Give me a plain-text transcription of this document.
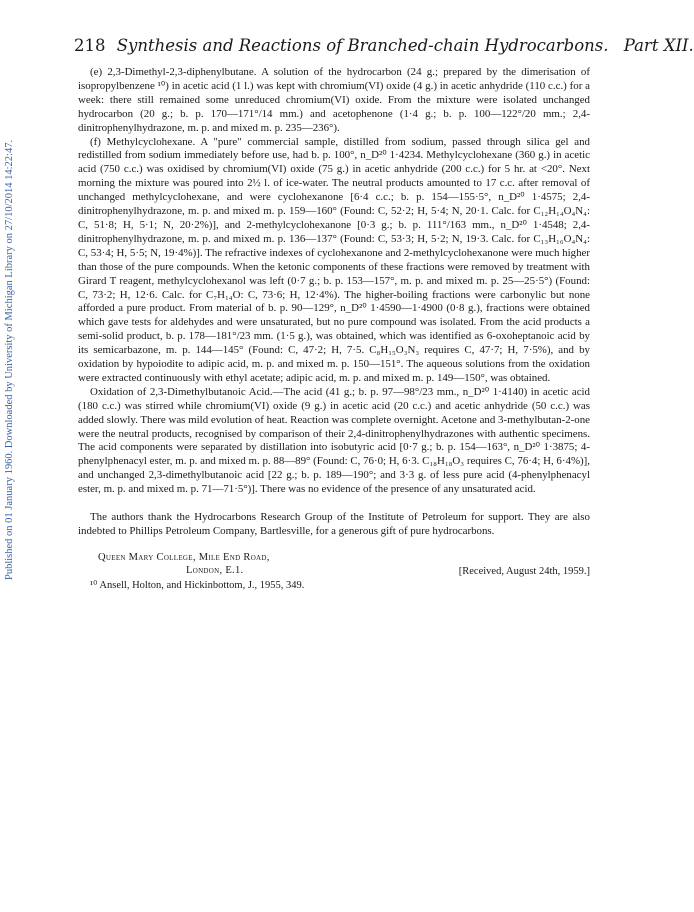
Published on 01 January 1960. Downloaded by University of Michigan Library on 27/10/2014 14:22:47.
218 Synthesis and Reactions of Branched-chain Hydrocarbons. Part XII.

(e) 2,3-Dimethyl-2,3-diphenylbutane. A solution of the hydrocarbon (24 g.; prepared by the dimerisation of isopropylbenzene ¹⁰) in acetic acid (1 l.) was kept with chromium(VI) oxide (4 g.) in acetic anhydride (110 c.c.) for a week: there still remained some unreduced chromium(VI) oxide. From the mixture were isolated unchanged hydrocarbon (20 g.; b. p. 170—171°/14 mm.) and acetophenone (1·4 g.; b. p. 100—122°/20 mm.; 2,4-dinitrophenylhydrazone, m. p. and mixed m. p. 235—236°).

(f) Methylcyclohexane. A "pure" commercial sample, distilled from sodium, passed through silica gel and redistilled from sodium immediately before use, had b. p. 100°, n_D²⁰ 1·4234. Methylcyclohexane (360 g.) in acetic acid (750 c.c.) was oxidised by chromium(VI) oxide (75 g.) in acetic anhydride (200 c.c.) for 5 hr. at <20°. Next morning the mixture was poured into 2½ l. of ice-water. The neutral products amounted to 17 c.c. after removal of unchanged methylcyclohexane, and were cyclohexanone [6·4 c.c.; b. p. 154—155·5°, n_D²⁰ 1·4575; 2,4-dinitrophenylhydrazone, m. p. and mixed m. p. 159—160° (Found: C, 52·2; H, 5·4; N, 20·1. Calc. for C₁₂H₁₄O₄N₄: C, 51·8; H, 5·1; N, 20·2%)], and 2-methylcyclohexanone [0·3 g.; b. p. 111°/163 mm., n_D²⁰ 1·4548; 2,4-dinitrophenylhydrazone, m. p. and mixed m. p. 136—137° (Found: C, 53·3; H, 5·2; N, 19·3. Calc. for C₁₃H₁₆O₄N₄: C, 53·4; H, 5·5; N, 19·4%)]. The refractive indexes of cyclohexanone and 2-methylcyclohexanone were much higher than those of the pure compounds. When the ketonic components of these fractions were removed by treatment with Girard T reagent, methylcyclohexanol was left (0·7 g.; b. p. 153—157°, m. p. and mixed m. p. 25—25·5°) (Found: C, 73·2; H, 12·6. Calc. for C₇H₁₄O: C, 73·6; H, 12·4%). The higher-boiling fractions were carbonylic but none afforded a pure product. From material of b. p. 90—129°, n_D²⁰ 1·4590—1·4900 (0·8 g.), fractions were obtained which gave tests for aldehydes and were unsaturated, but no pure compound was isolated. From the acid products a semi-solid product, b. p. 178—181°/23 mm. (1·5 g.), was obtained, which was identified as 6-oxoheptanoic acid by its semicarbazone, m. p. 144—145° (Found: C, 47·2; H, 7·5. C₈H₁₅O₃N₃ requires C, 47·7; H, 7·5%), and by oxidation by hypoiodite to adipic acid, m. p. and mixed m. p. 150—151°. The aqueous solutions from the oxidation were extracted continuously with ethyl acetate; adipic acid, m. p. and mixed m. p. 149—150°, was obtained.

Oxidation of 2,3-Dimethylbutanoic Acid.—The acid (41 g.; b. p. 97—98°/23 mm., n_D²⁰ 1·4140) in acetic acid (180 c.c.) was stirred while chromium(VI) oxide (9 g.) in acetic acid (20 c.c.) and acetic anhydride (50 c.c.) was added slowly. There was mild evolution of heat. Reaction was complete overnight. Acetone and 3-methylbutan-2-one were the neutral products, recognised by comparison of their 2,4-dinitrophenylhydrazones with authentic specimens. The acid components were separated by distillation into isobutyric acid [0·7 g.; b. p. 154—163°, n_D²⁰ 1·3875; 4-phenylphenacyl ester, m. p. and mixed m. p. 88—89° (Found: C, 76·0; H, 6·3. C₁₈H₁₈O₃ requires C, 76·4; H, 6·4%)], and unchanged 2,3-dimethylbutanoic acid [22 g.; b. p. 189—190°; and 3·3 g. of less pure acid (4-phenylphenacyl ester, m. p. and mixed m. p. 71—71·5°)]. There was no evidence of the presence of any unsaturated acid.

The authors thank the Hydrocarbons Research Group of the Institute of Petroleum for support. They are also indebted to Phillips Petroleum Company, Bartlesville, for a generous gift of pure hydrocarbons.

Queen Mary College, Mile End Road,
London, E.1.	[Received, August 24th, 1959.]

¹⁰ Ansell, Holton, and Hickinbottom, J., 1955, 349.
